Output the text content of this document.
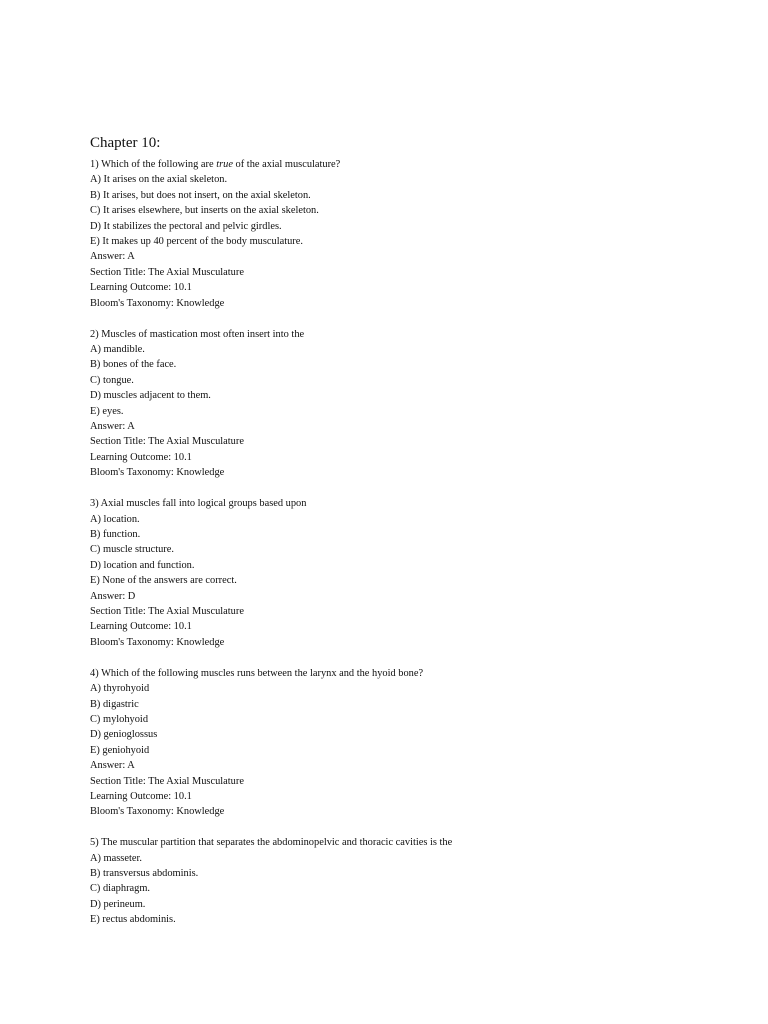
Chapter 10:
1) Which of the following are true of the axial musculature?
A) It arises on the axial skeleton.
B) It arises, but does not insert, on the axial skeleton.
C) It arises elsewhere, but inserts on the axial skeleton.
D) It stabilizes the pectoral and pelvic girdles.
E) It makes up 40 percent of the body musculature.
Answer: A
Section Title: The Axial Musculature
Learning Outcome: 10.1
Bloom's Taxonomy: Knowledge
2) Muscles of mastication most often insert into the
A) mandible.
B) bones of the face.
C) tongue.
D) muscles adjacent to them.
E) eyes.
Answer: A
Section Title: The Axial Musculature
Learning Outcome: 10.1
Bloom's Taxonomy: Knowledge
3) Axial muscles fall into logical groups based upon
A) location.
B) function.
C) muscle structure.
D) location and function.
E) None of the answers are correct.
Answer: D
Section Title: The Axial Musculature
Learning Outcome: 10.1
Bloom's Taxonomy: Knowledge
4) Which of the following muscles runs between the larynx and the hyoid bone?
A) thyrohyoid
B) digastric
C) mylohyoid
D) genioglossus
E) geniohyoid
Answer: A
Section Title: The Axial Musculature
Learning Outcome: 10.1
Bloom's Taxonomy: Knowledge
5) The muscular partition that separates the abdominopelvic and thoracic cavities is the
A) masseter.
B) transversus abdominis.
C) diaphragm.
D) perineum.
E) rectus abdominis.
